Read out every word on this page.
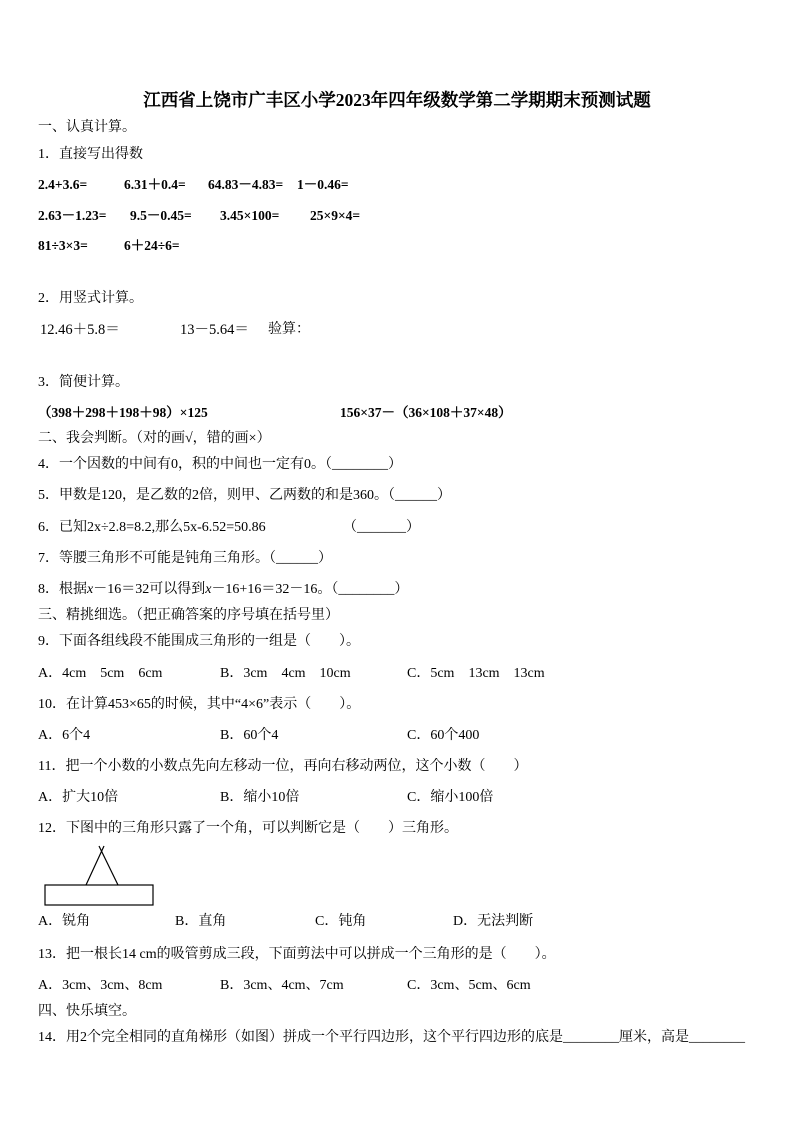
江西省上饶市广丰区小学2023年四年级数学第二学期期末预测试题
一、认真计算。
1．直接写出得数
2.4+3.6=	6.31＋0.4= 64.83－4.83= 1－0.46=
2.63－1.23= 9.5－0.45= 3.45×100= 25×9×4=
81÷3×3=	6＋24÷6=
2．用竖式计算。
12.46＋5.8＝	13－5.64＝ 验算：
3．简便计算。
（398＋298＋198＋98）×125	156×37－（36×108＋37×48）
二、我会判断。（对的画√，错的画×）
4．一个因数的中间有0，积的中间也一定有0。（________）
5．甲数是120，是乙数的2倍，则甲、乙两数的和是360。（______）
6．已知2x÷2.8=8.2,那么5x-6.52=50.86	（_______）
7．等腰三角形不可能是钝角三角形。（______）
8．根据x－16＝32可以得到x－16+16＝32－16。（________）
三、精挑细选。（把正确答案的序号填在括号里）
9．下面各组线段不能围成三角形的一组是（　　）。
A．4cm    5cm    6cm	B．3cm    4cm    10cm	C．5cm    13cm    13cm
10．在计算453×65的时候，其中“4×6”表示（　　）。
A．6个4	B．60个4	C．60个400
11．把一个小数的小数点先向左移动一位，再向右移动两位，这个小数（　　）
A．扩大10倍	B．缩小10倍	C．缩小100倍
12．下图中的三角形只露了一个角，可以判断它是（　　）三角形。
A．锐角	B．直角	C．钝角	D．无法判断
13．把一根长14 cm的吸管剪成三段，下面剪法中可以拼成一个三角形的是（　　）。
A．3cm、3cm、8cm	B．3cm、4cm、7cm	C．3cm、5cm、6cm
四、快乐填空。
14．用2个完全相同的直角梯形（如图）拼成一个平行四边形，这个平行四边形的底是________厘米，高是________
